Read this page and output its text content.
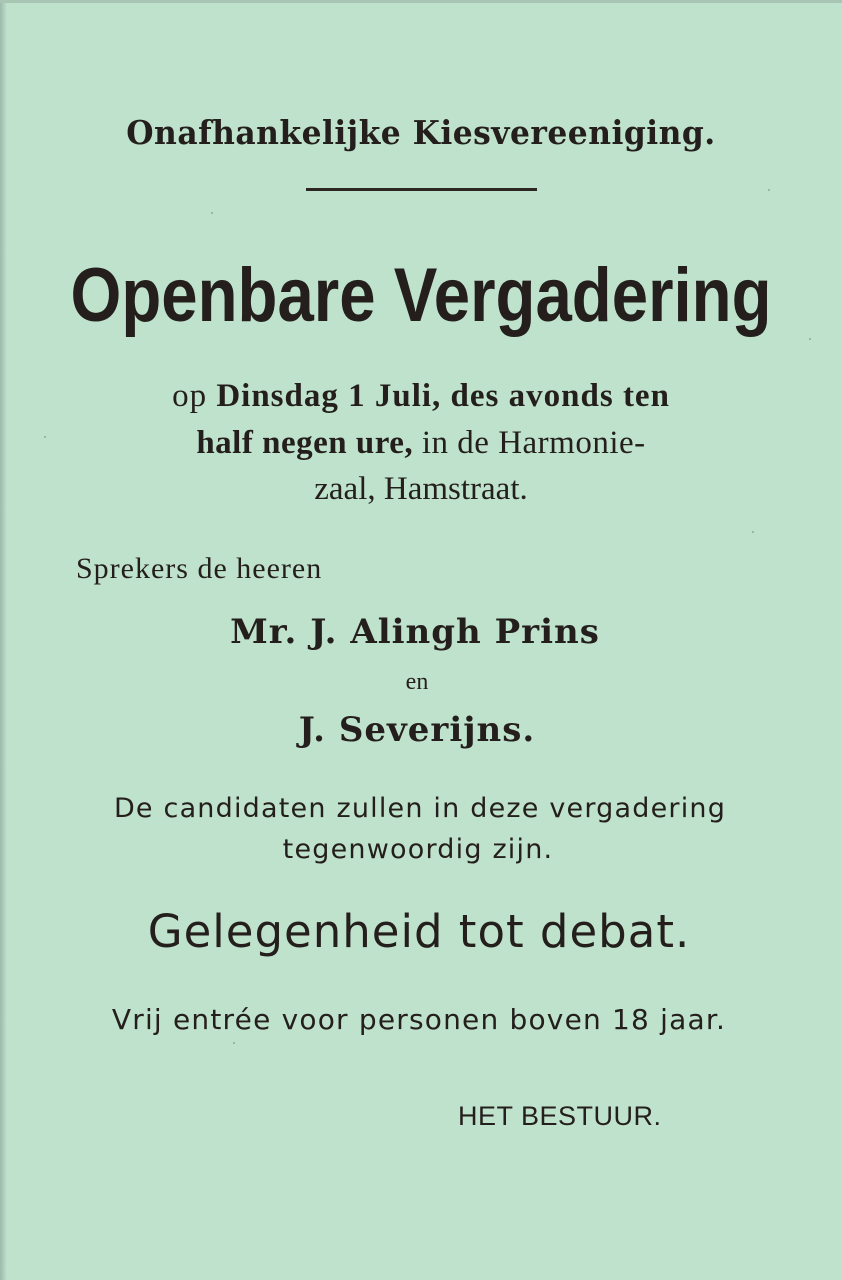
Onafhankelijke Kiesvereeniging.
Openbare Vergadering
op Dinsdag 1 Juli, des avonds ten
half negen ure, in de Harmonie-
zaal, Hamstraat.
Sprekers de heeren
Mr. J. Alingh Prins
en
J. Severijns.
De candidaten zullen in deze vergadering
tegenwoordig zijn.
Gelegenheid tot debat.
Vrij entrée voor personen boven 18 jaar.
HET BESTUUR.
